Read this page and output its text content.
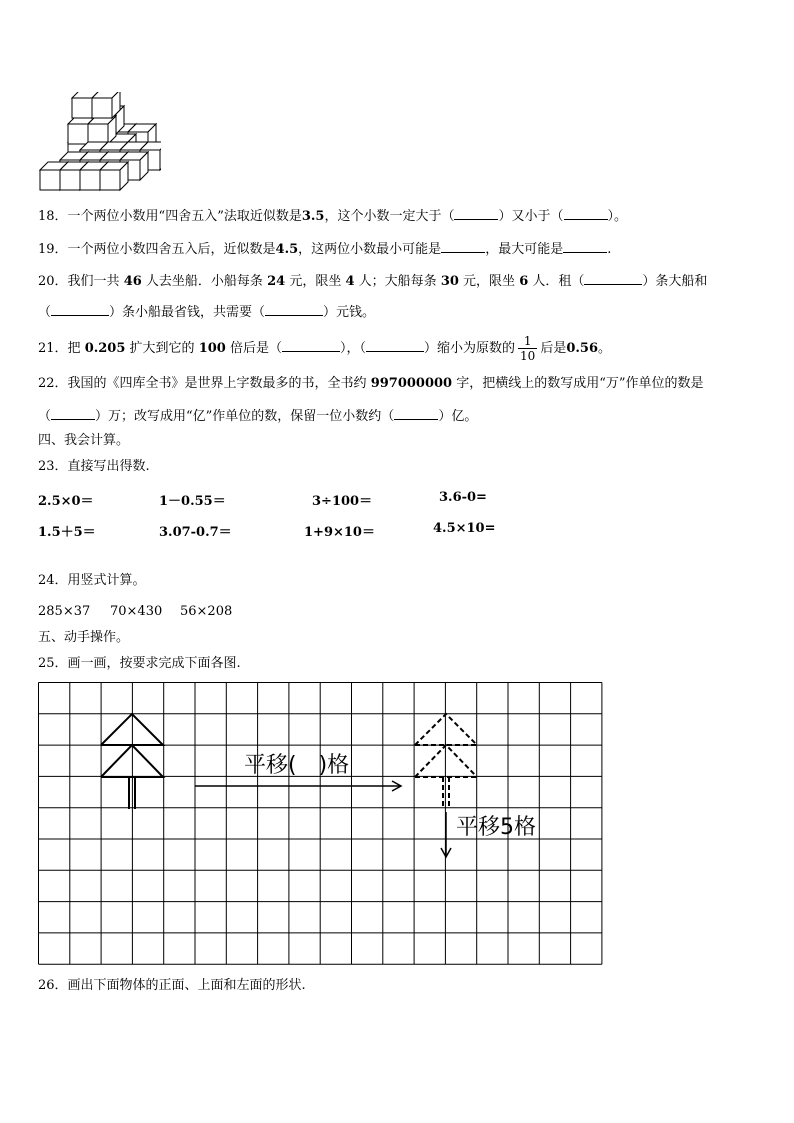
18．一个两位小数用“四舍五入”法取近似数是3.5，这个小数一定大于（	）又小于（	）。
19．一个两位小数四舍五入后，近似数是4.5，这两位小数最小可能是	，最大可能是	.
20．我们一共 46 人去坐船．小船每条 24 元，限坐 4 人；大船每条 30 元，限坐 6 人．租（	）条大船和
（	）条小船最省钱，共需要（	）元钱。
21．把 0.205 扩大到它的 100 倍后是（	），（	）缩小为原数的 $\frac{1}{10}$ 后是0.56。
22．我国的《四库全书》是世界上字数最多的书，全书约 997000000 字，把横线上的数写成用“万”作单位的数是
（	）万；改写成用“亿”作单位的数，保留一位小数约（	）亿。
四、我会计算。
23．直接写出得数.
2.5×0＝	1－0.55＝	3÷100＝	3.6-0=
1.5＋5＝	3.07-0.7＝	1+9×10＝	4.5×10=
24．用竖式计算。
285×37 70×430 56×208
五、动手操作。
25．画一画，按要求完成下面各图.
平移(　)格
平移5格
26．画出下面物体的正面、上面和左面的形状.
